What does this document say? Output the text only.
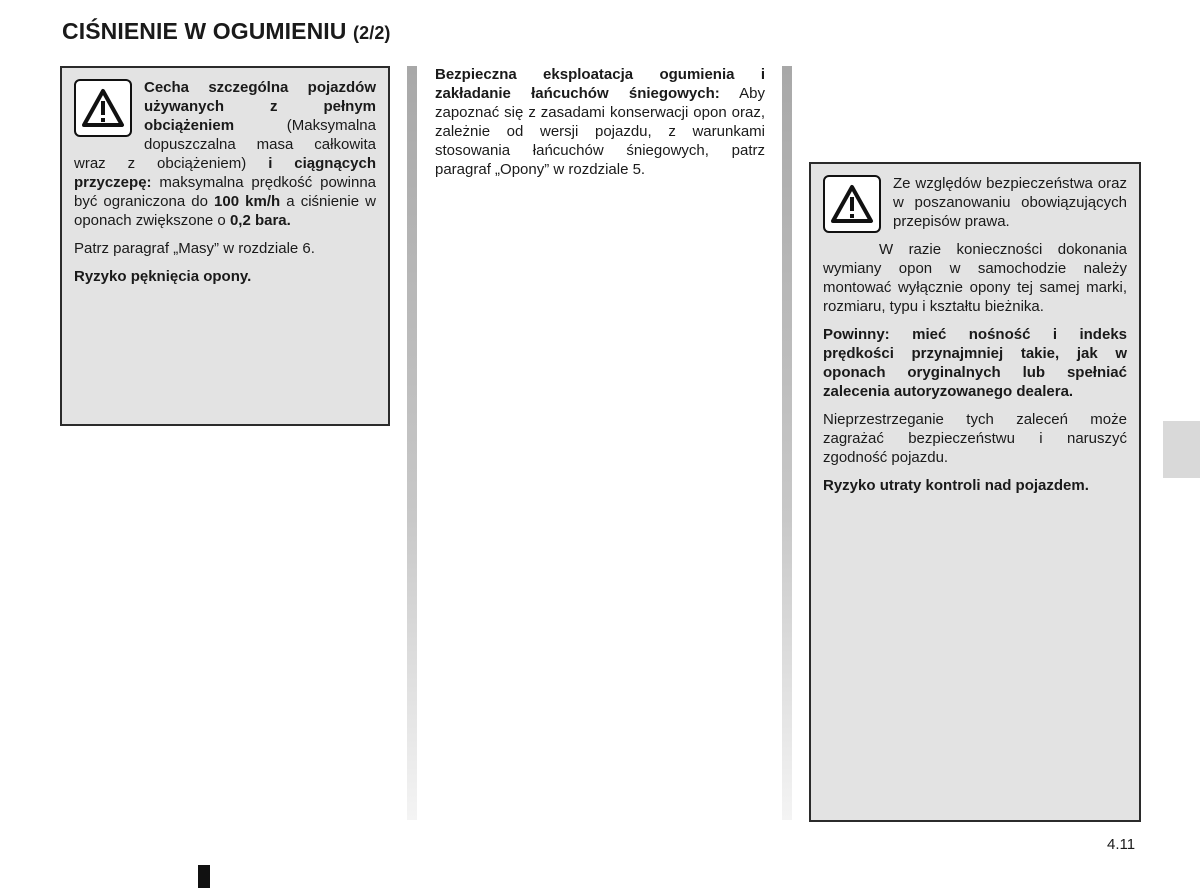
CIŚNIENIE W OGUMIENIU (2/2)

Cecha szczególna pojazdów używanych z pełnym obciążeniem (Maksymalna dopuszczalna masa całkowita wraz z obciążeniem) i ciągnących przyczepę: maksymalna prędkość powinna być ograniczona do 100 km/h a ciśnienie w oponach zwiększone o 0,2 bara.

Patrz paragraf „Masy” w rozdziale 6.

Ryzyko pęknięcia opony.

Bezpieczna eksploatacja ogumienia i zakładanie łańcuchów śniegowych: Aby zapoznać się z zasadami konserwacji opon oraz, zależnie od wersji pojazdu, z warunkami stosowania łańcuchów śniegowych, patrz paragraf „Opony” w rozdziale 5.

Ze względów bezpieczeństwa oraz w poszanowaniu obowiązujących przepisów prawa.

W razie konieczności dokonania wymiany opon w samochodzie należy montować wyłącznie opony tej samej marki, rozmiaru, typu i kształtu bieżnika.

Powinny: mieć nośność i indeks prędkości przynajmniej takie, jak w oponach oryginalnych lub spełniać zalecenia autoryzowanego dealera.

Nieprzestrzeganie tych zaleceń może zagrażać bezpieczeństwu i naruszyć zgodność pojazdu.

Ryzyko utraty kontroli nad pojazdem.

4.11
